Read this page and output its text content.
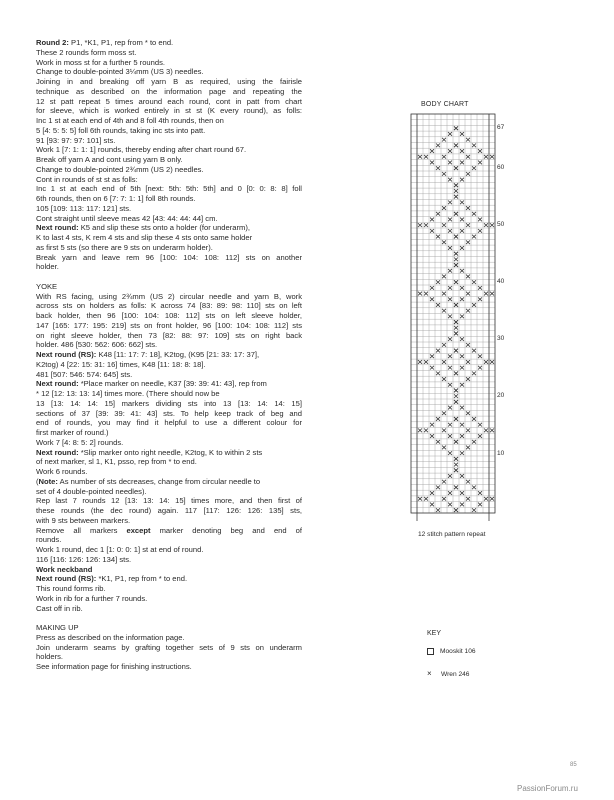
Round 2: P1, *K1, P1, rep from * to end.
These 2 rounds form moss st.
Work in moss st for a further 5 rounds.
Change to double-pointed 3¼mm (US 3) needles.
Joining in and breaking off yarn B as required, using the fairisle
technique as described on the information page and repeating the
12 st patt repeat 5 times around each round, cont in patt from chart
for sleeve, which is worked entirely in st st (K every round), as folls:
Inc 1 st at each end of 4th and 8 foll 4th rounds, then on
5 [4: 5: 5: 5] foll 6th rounds, taking inc sts into patt.
91 [93: 97: 97: 101] sts.
Work 1 [7: 1: 1: 1] rounds, thereby ending after chart round 67.
Break off yarn A and cont using yarn B only.
Change to double-pointed 2¾mm (US 2) needles.
Cont in rounds of st st as folls:
Inc 1 st at each end of 5th [next: 5th: 5th: 5th] and 0 [0: 0: 8: 8] foll
6th rounds, then on 6 [7: 7: 1: 1] foll 8th rounds.
105 [109: 113: 117: 121] sts.
Cont straight until sleeve meas 42 [43: 44: 44: 44] cm.
Next round: K5 and slip these sts onto a holder (for underarm),
K to last 4 sts, K rem 4 sts and slip these 4 sts onto same holder
as first 5 sts (so there are 9 sts on underarm holder).
Break yarn and leave rem 96 [100: 104: 108: 112] sts on another
holder.
YOKE
With RS facing, using 2¾mm (US 2) circular needle and yarn B, work
across sts on holders as folls: K across 74 [83: 89: 98: 110] sts on left
back holder, then 96 [100: 104: 108: 112] sts on left sleeve holder,
147 [165: 177: 195: 219] sts on front holder, 96 [100: 104: 108: 112] sts
on right sleeve holder, then 73 [82: 88: 97: 109] sts on right back
holder. 486 [530: 562: 606: 662] sts.
Next round (RS): K48 [11: 17: 7: 18], K2tog, (K95 [21: 33: 17: 37],
K2tog) 4 [22: 15: 31: 16] times, K48 [11: 18: 8: 18].
481 [507: 546: 574: 645] sts.
Next round: *Place marker on needle, K37 [39: 39: 41: 43], rep from
* 12 [12: 13: 13: 14] times more. (There should now be
13 [13: 14: 14: 15] markers dividing sts into 13 [13: 14: 14: 15]
sections of 37 [39: 39: 41: 43] sts. To help keep track of beg and
end of rounds, you may find it helpful to use a different colour for
first marker of round.)
Work 7 [4: 8: 5: 2] rounds.
Next round: *Slip marker onto right needle, K2tog, K to within 2 sts
of next marker, sl 1, K1, psso, rep from * to end.
Work 6 rounds.
(Note: As number of sts decreases, change from circular needle to
set of 4 double-pointed needles).
Rep last 7 rounds 12 [13: 13: 14: 15] times more, and then first of
these rounds (the dec round) again. 117 [117: 126: 126: 135] sts,
with 9 sts between markers.
Remove all markers except marker denoting beg and end of
rounds.
Work 1 round, dec 1 [1: 0: 0: 1] st at end of round.
116 [116: 126: 126: 134] sts.
Work neckband
Next round (RS): *K1, P1, rep from * to end.
This round forms rib.
Work in rib for a further 7 rounds.
Cast off in rib.
MAKING UP
Press as described on the information page.
Join underarm seams by grafting together sets of 9 sts on underarm
holders.
See information page for finishing instructions.
BODY CHART
67
60
50
40
30
20
10
12 stitch pattern repeat
KEY
Mooskit 106
×	Wren 246
85
PassionForum.ru
